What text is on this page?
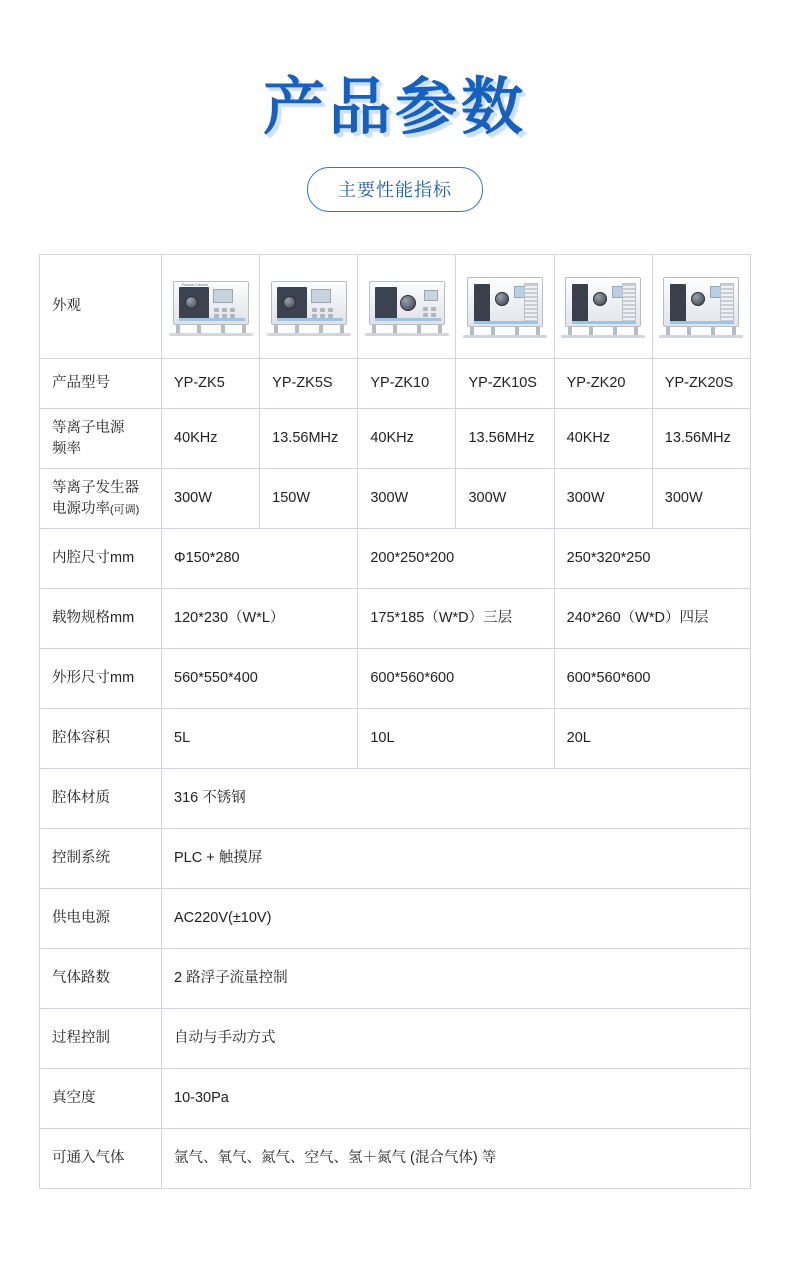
产品参数
主要性能指标
外观	Plasma Cleaner					

产品型号	YP-ZK5	YP-ZK5S	YP-ZK10	YP-ZK10S	YP-ZK20	YP-ZK20S
等离子电源
频率	40KHz	13.56MHz	40KHz	13.56MHz	40KHz	13.56MHz
等离子发生器
电源功率(可调)	300W	150W	300W	300W	300W	300W
内腔尺寸mm	Φ150*280		200*250*200		250*320*250	
载物规格mm	120*230（W*L）		175*185（W*D）三层		240*260（W*D）四层	
外形尺寸mm	560*550*400		600*560*600		600*560*600	
腔体容积	5L		10L		20L	
腔体材质	316 不锈钢					
控制系统	PLC + 触摸屏					
供电电源	AC220V(±10V)					
气体路数	2 路浮子流量控制					
过程控制	自动与手动方式					
真空度	10-30Pa					
可通入气体	氩气、氧气、氮气、空气、氢＋氮气 (混合气体) 等					
